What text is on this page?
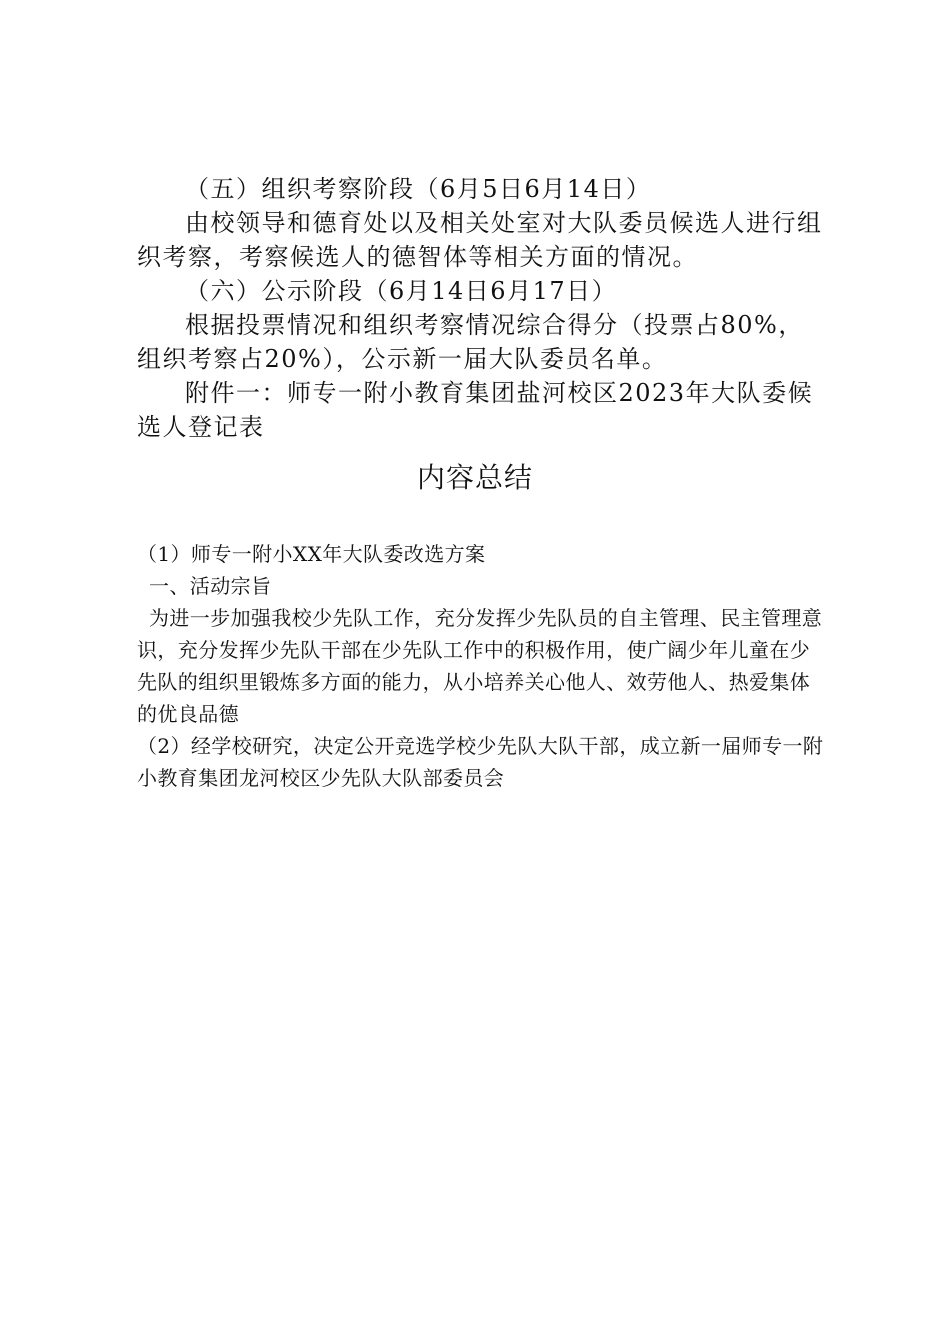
（五）组织考察阶段（6月5日6月14日）

由校领导和德育处以及相关处室对大队委员候选人进行组织考察，考察候选人的德智体等相关方面的情况。

（六）公示阶段（6月14日6月17日）

根据投票情况和组织考察情况综合得分（投票占80%，组织考察占20%），公示新一届大队委员名单。

附件一：师专一附小教育集团盐河校区2023年大队委候选人登记表

内容总结

（1）师专一附小XX年大队委改选方案

一、活动宗旨

为进一步加强我校少先队工作，充分发挥少先队员的自主管理、民主管理意识，充分发挥少先队干部在少先队工作中的积极作用，使广阔少年儿童在少先队的组织里锻炼多方面的能力，从小培养关心他人、效劳他人、热爱集体的优良品德

（2）经学校研究，决定公开竞选学校少先队大队干部，成立新一届师专一附小教育集团龙河校区少先队大队部委员会
